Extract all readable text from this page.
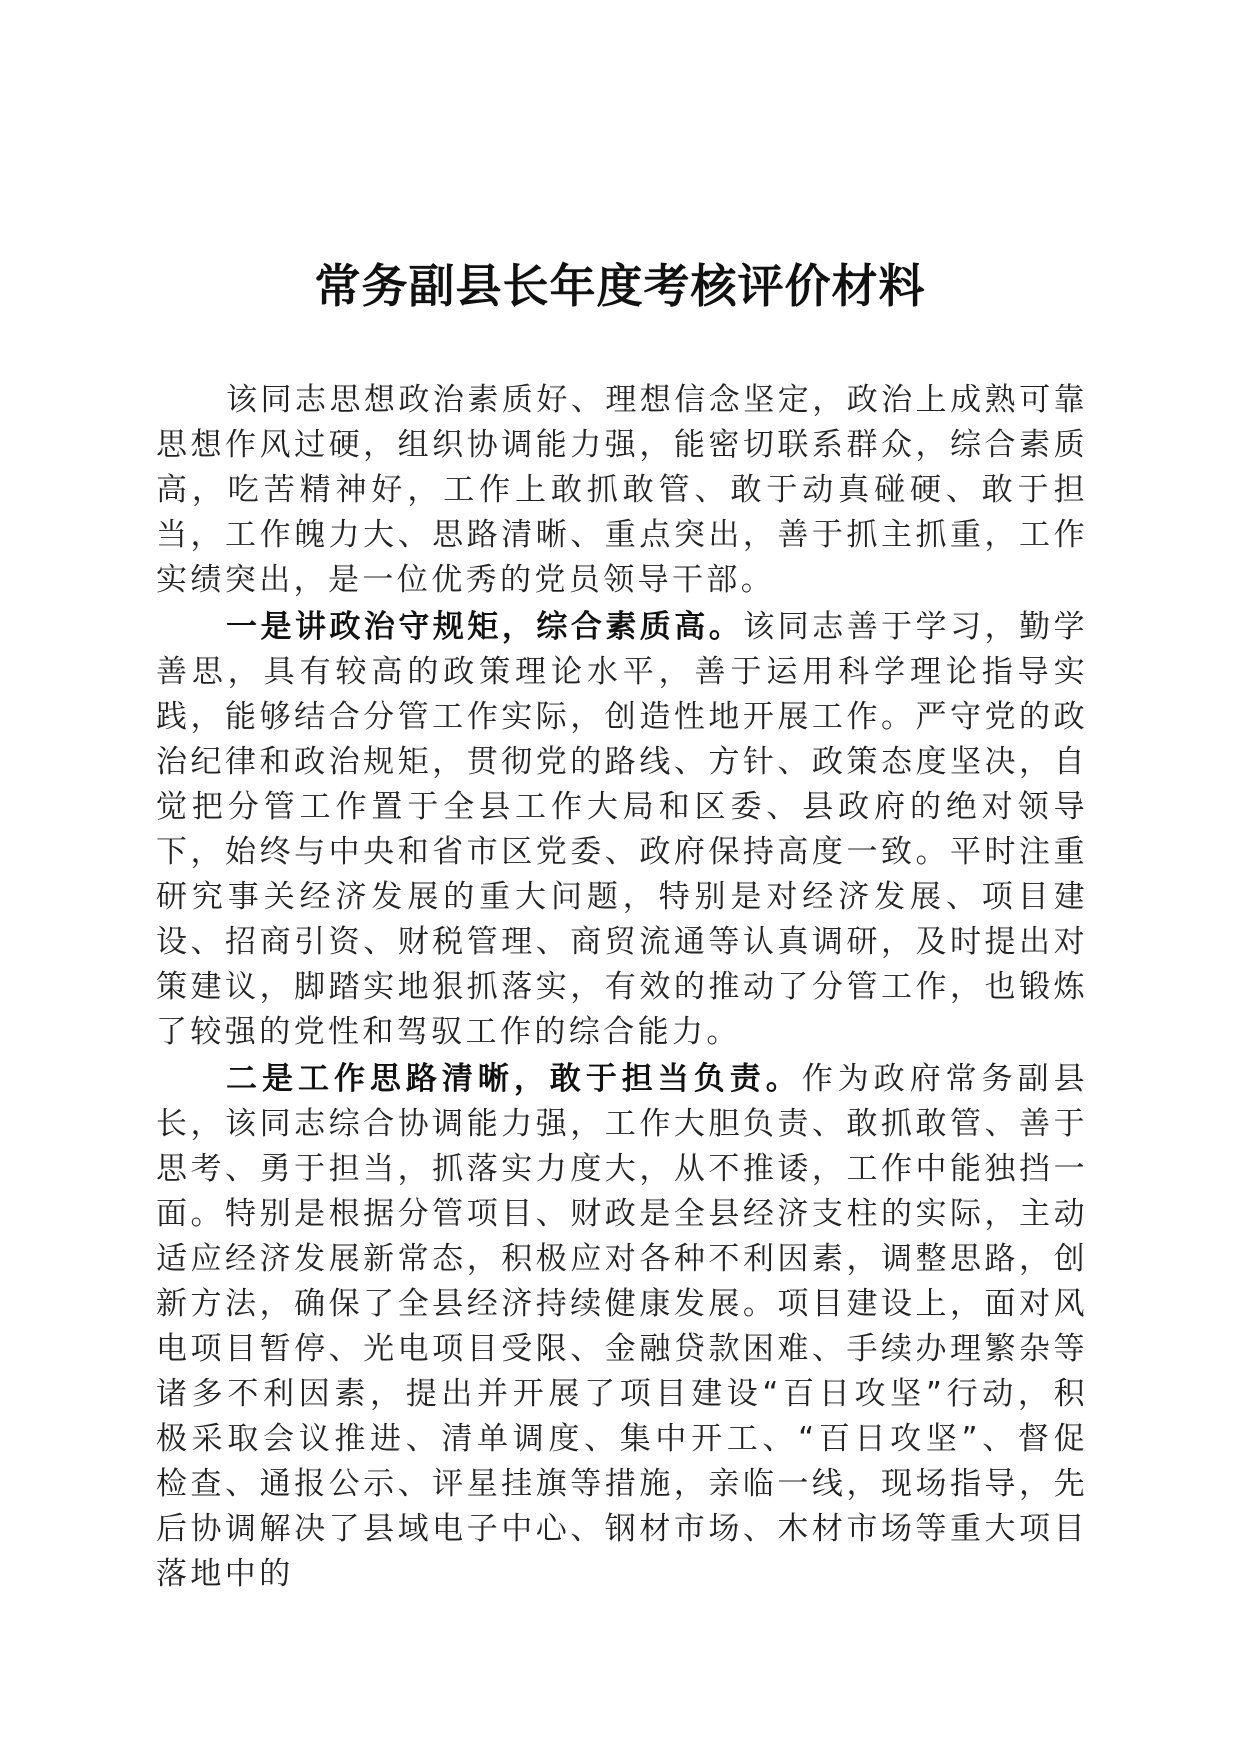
常务副县长年度考核评价材料

该同志思想政治素质好、理想信念坚定，政治上成熟可靠思想作风过硬，组织协调能力强，能密切联系群众，综合素质高，吃苦精神好，工作上敢抓敢管、敢于动真碰硬、敢于担当，工作魄力大、思路清晰、重点突出，善于抓主抓重，工作实绩突出，是一位优秀的党员领导干部。

一是讲政治守规矩，综合素质高。该同志善于学习，勤学善思，具有较高的政策理论水平，善于运用科学理论指导实践，能够结合分管工作实际，创造性地开展工作。严守党的政治纪律和政治规矩，贯彻党的路线、方针、政策态度坚决，自觉把分管工作置于全县工作大局和区委、县政府的绝对领导下，始终与中央和省市区党委、政府保持高度一致。平时注重研究事关经济发展的重大问题，特别是对经济发展、项目建设、招商引资、财税管理、商贸流通等认真调研，及时提出对策建议，脚踏实地狠抓落实，有效的推动了分管工作，也锻炼了较强的党性和驾驭工作的综合能力。

二是工作思路清晰，敢于担当负责。作为政府常务副县长，该同志综合协调能力强，工作大胆负责、敢抓敢管、善于思考、勇于担当，抓落实力度大，从不推诿，工作中能独挡一面。特别是根据分管项目、财政是全县经济支柱的实际，主动适应经济发展新常态，积极应对各种不利因素，调整思路，创新方法，确保了全县经济持续健康发展。项目建设上，面对风电项目暂停、光电项目受限、金融贷款困难、手续办理繁杂等诸多不利因素，提出并开展了项目建设“百日攻坚”行动，积极采取会议推进、清单调度、集中开工、“百日攻坚”、督促检查、通报公示、评星挂旗等措施，亲临一线，现场指导，先后协调解决了县域电子中心、钢材市场、木材市场等重大项目落地中的
